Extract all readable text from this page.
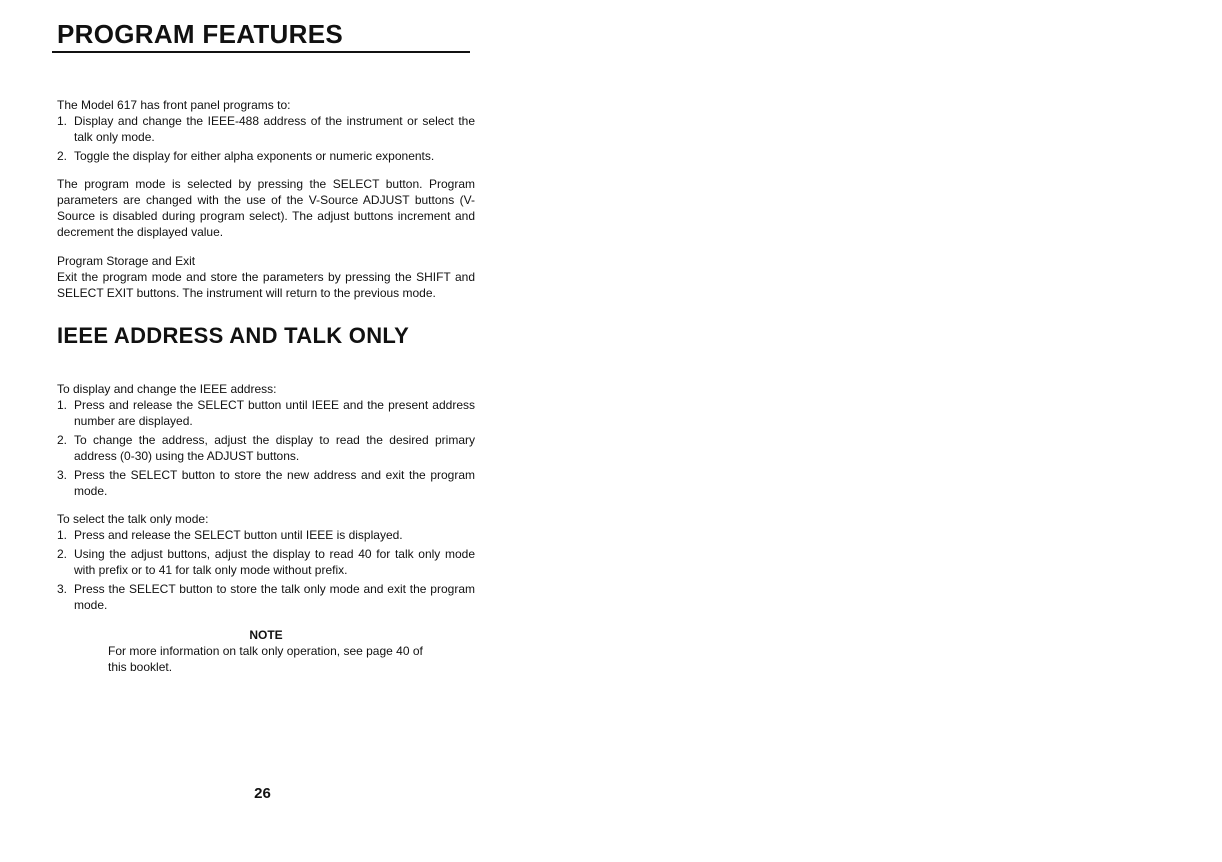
PROGRAM FEATURES

The Model 617 has front panel programs to:

1. Display and change the IEEE-488 address of the instrument or select the talk only mode.
2. Toggle the display for either alpha exponents or numeric exponents.

The program mode is selected by pressing the SELECT button. Program parameters are changed with the use of the V-Source ADJUST buttons (V-Source is disabled during program select). The adjust buttons increment and decrement the displayed value.

Program Storage and Exit

Exit the program mode and store the parameters by pressing the SHIFT and SELECT EXIT buttons. The instrument will return to the previous mode.

IEEE ADDRESS AND TALK ONLY

To display and change the IEEE address:

1. Press and release the SELECT button until IEEE and the present address number are displayed.
2. To change the address, adjust the display to read the desired primary address (0-30) using the ADJUST buttons.
3. Press the SELECT button to store the new address and exit the program mode.

To select the talk only mode:

1. Press and release the SELECT button until IEEE is displayed.
2. Using the adjust buttons, adjust the display to read 40 for talk only mode with prefix or to 41 for talk only mode without prefix.
3. Press the SELECT button to store the talk only mode and exit the program mode.
NOTE
For more information on talk only operation, see page 40 of this booklet.
26
